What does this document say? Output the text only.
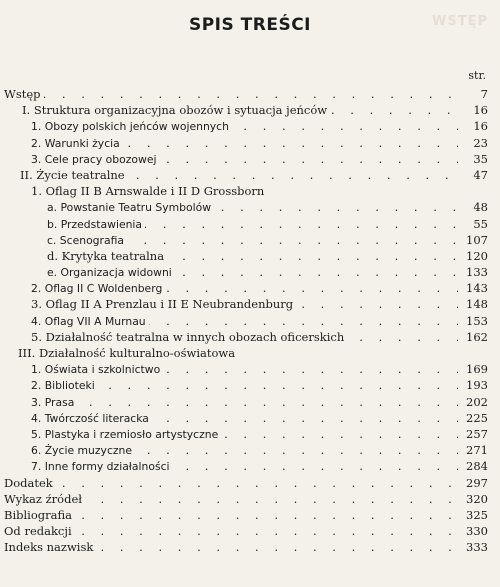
WSTĘP
SPIS TREŚCI
str.
Wstęp . . .	7
I. Struktura organizacyjna obozów i sytuacja jeńców . . .	16
1. Obozy polskich jeńców wojennych . . .	16
2. Warunki życia . . .	23
3. Cele pracy obozowej . . .	35
II. Życie teatralne . . .	47
1. Oflag II B Arnswalde i II D Grossborn
a. Powstanie Teatru Symbolów . . .	48
b. Przedstawienia . . .	55
c. Scenografia . . .	107
d. Krytyka teatralna . . .	120
e. Organizacja widowni . . .	133
2. Oflag II C Woldenberg . . .	143
3. Oflag II A Prenzlau i II E Neubrandenburg . . .	148
4. Oflag VII A Murnau . . .	153
5. Działalność teatralna w innych obozach oficerskich . . .	162
III. Działalność kulturalno-oświatowa
1. Oświata i szkolnictwo . . .	169
2. Biblioteki . . .	193
3. Prasa . . .	202
4. Twórczość literacka . . .	225
5. Plastyka i rzemiosło artystyczne . . .	257
6. Życie muzyczne . . .	271
7. Inne formy działalności . . .	284
Dodatek . . .	297
Wykaz źródeł . . .	320
Bibliografia . . .	325
Od redakcji . . .	330
Indeks nazwisk . . .	333
